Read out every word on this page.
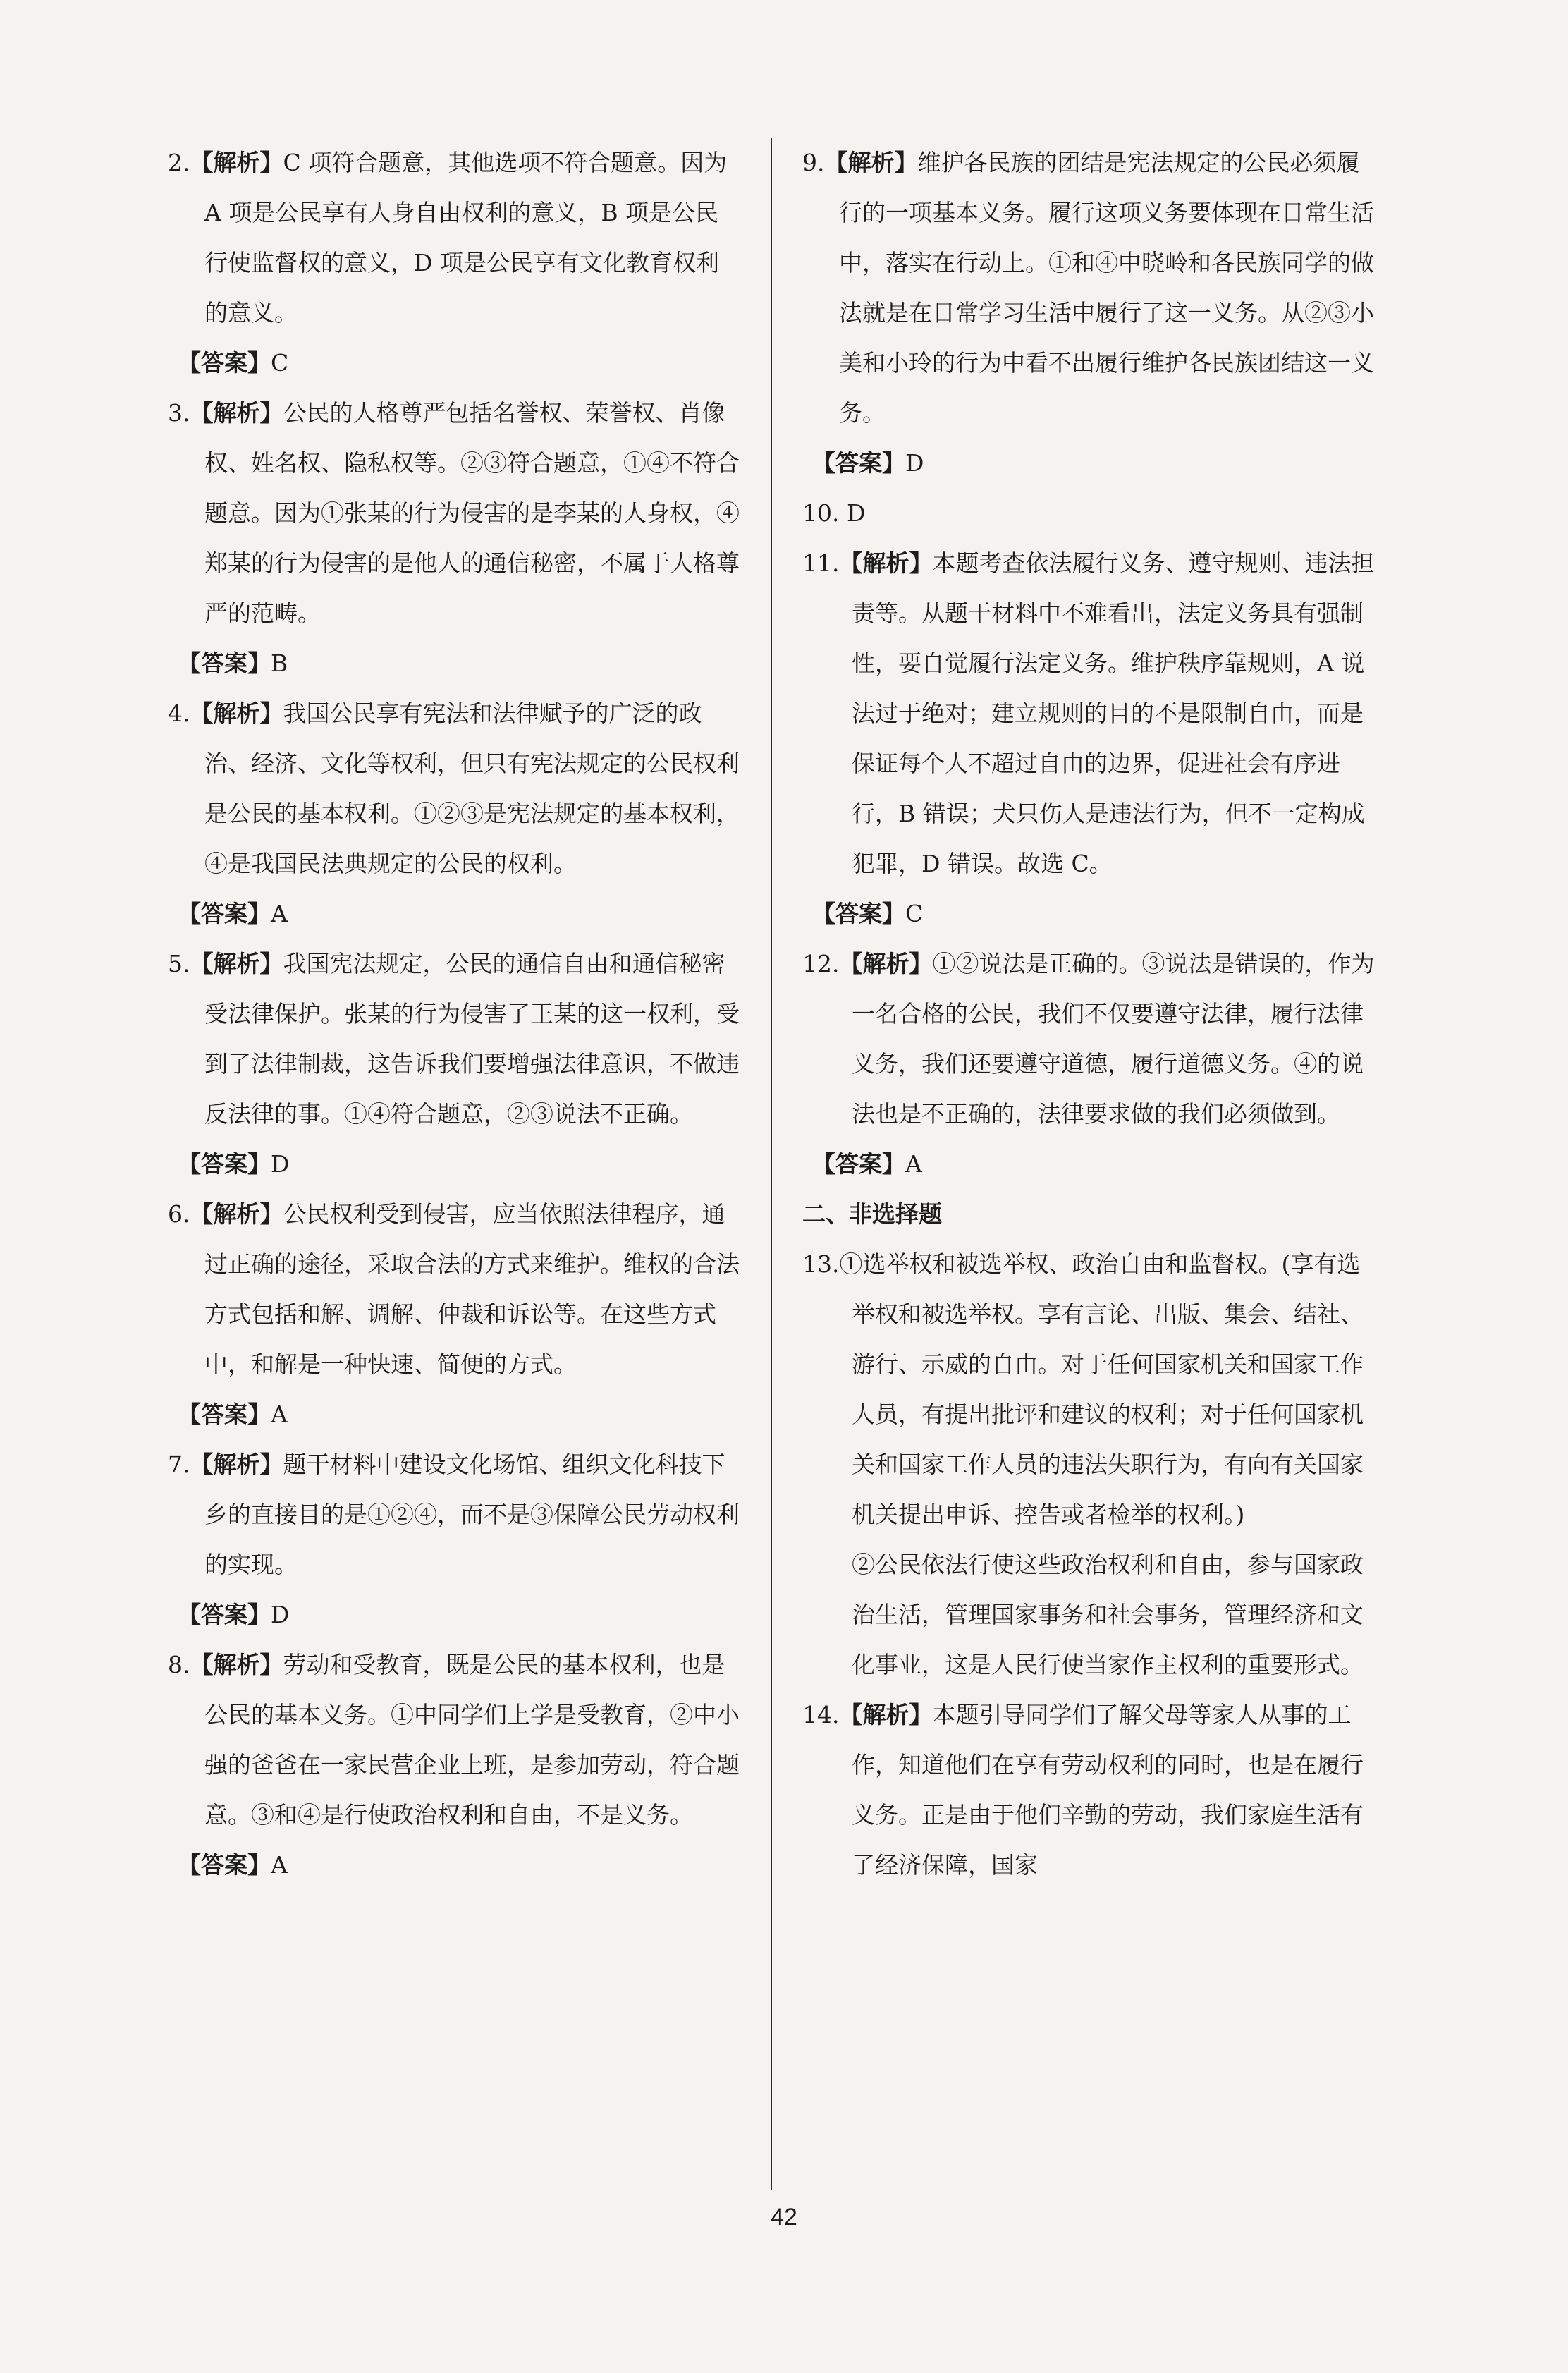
2.【解析】C 项符合题意，其他选项不符合题意。因为 A 项是公民享有人身自由权利的意义，B 项是公民行使监督权的意义，D 项是公民享有文化教育权利的意义。
【答案】C
3.【解析】公民的人格尊严包括名誉权、荣誉权、肖像权、姓名权、隐私权等。②③符合题意，①④不符合题意。因为①张某的行为侵害的是李某的人身权，④郑某的行为侵害的是他人的通信秘密，不属于人格尊严的范畴。
【答案】B
4.【解析】我国公民享有宪法和法律赋予的广泛的政治、经济、文化等权利，但只有宪法规定的公民权利是公民的基本权利。①②③是宪法规定的基本权利，④是我国民法典规定的公民的权利。
【答案】A
5.【解析】我国宪法规定，公民的通信自由和通信秘密受法律保护。张某的行为侵害了王某的这一权利，受到了法律制裁，这告诉我们要增强法律意识，不做违反法律的事。①④符合题意，②③说法不正确。
【答案】D
6.【解析】公民权利受到侵害，应当依照法律程序，通过正确的途径，采取合法的方式来维护。维权的合法方式包括和解、调解、仲裁和诉讼等。在这些方式中，和解是一种快速、简便的方式。
【答案】A
7.【解析】题干材料中建设文化场馆、组织文化科技下乡的直接目的是①②④，而不是③保障公民劳动权利的实现。
【答案】D
8.【解析】劳动和受教育，既是公民的基本权利，也是公民的基本义务。①中同学们上学是受教育，②中小强的爸爸在一家民营企业上班，是参加劳动，符合题意。③和④是行使政治权利和自由，不是义务。
【答案】A
9.【解析】维护各民族的团结是宪法规定的公民必须履行的一项基本义务。履行这项义务要体现在日常生活中，落实在行动上。①和④中晓岭和各民族同学的做法就是在日常学习生活中履行了这一义务。从②③小美和小玲的行为中看不出履行维护各民族团结这一义务。
【答案】D
10. D
11.【解析】本题考查依法履行义务、遵守规则、违法担责等。从题干材料中不难看出，法定义务具有强制性，要自觉履行法定义务。维护秩序靠规则，A 说法过于绝对；建立规则的目的不是限制自由，而是保证每个人不超过自由的边界，促进社会有序进行，B 错误；犬只伤人是违法行为，但不一定构成犯罪，D 错误。故选 C。
【答案】C
12.【解析】①②说法是正确的。③说法是错误的，作为一名合格的公民，我们不仅要遵守法律，履行法律义务，我们还要遵守道德，履行道德义务。④的说法也是不正确的，法律要求做的我们必须做到。
【答案】A
二、非选择题
13.①选举权和被选举权、政治自由和监督权。(享有选举权和被选举权。享有言论、出版、集会、结社、游行、示威的自由。对于任何国家机关和国家工作人员，有提出批评和建议的权利；对于任何国家机关和国家工作人员的违法失职行为，有向有关国家机关提出申诉、控告或者检举的权利。)
②公民依法行使这些政治权利和自由，参与国家政治生活，管理国家事务和社会事务，管理经济和文化事业，这是人民行使当家作主权利的重要形式。
14.【解析】本题引导同学们了解父母等家人从事的工作，知道他们在享有劳动权利的同时，也是在履行义务。正是由于他们辛勤的劳动，我们家庭生活有了经济保障，国家
42
